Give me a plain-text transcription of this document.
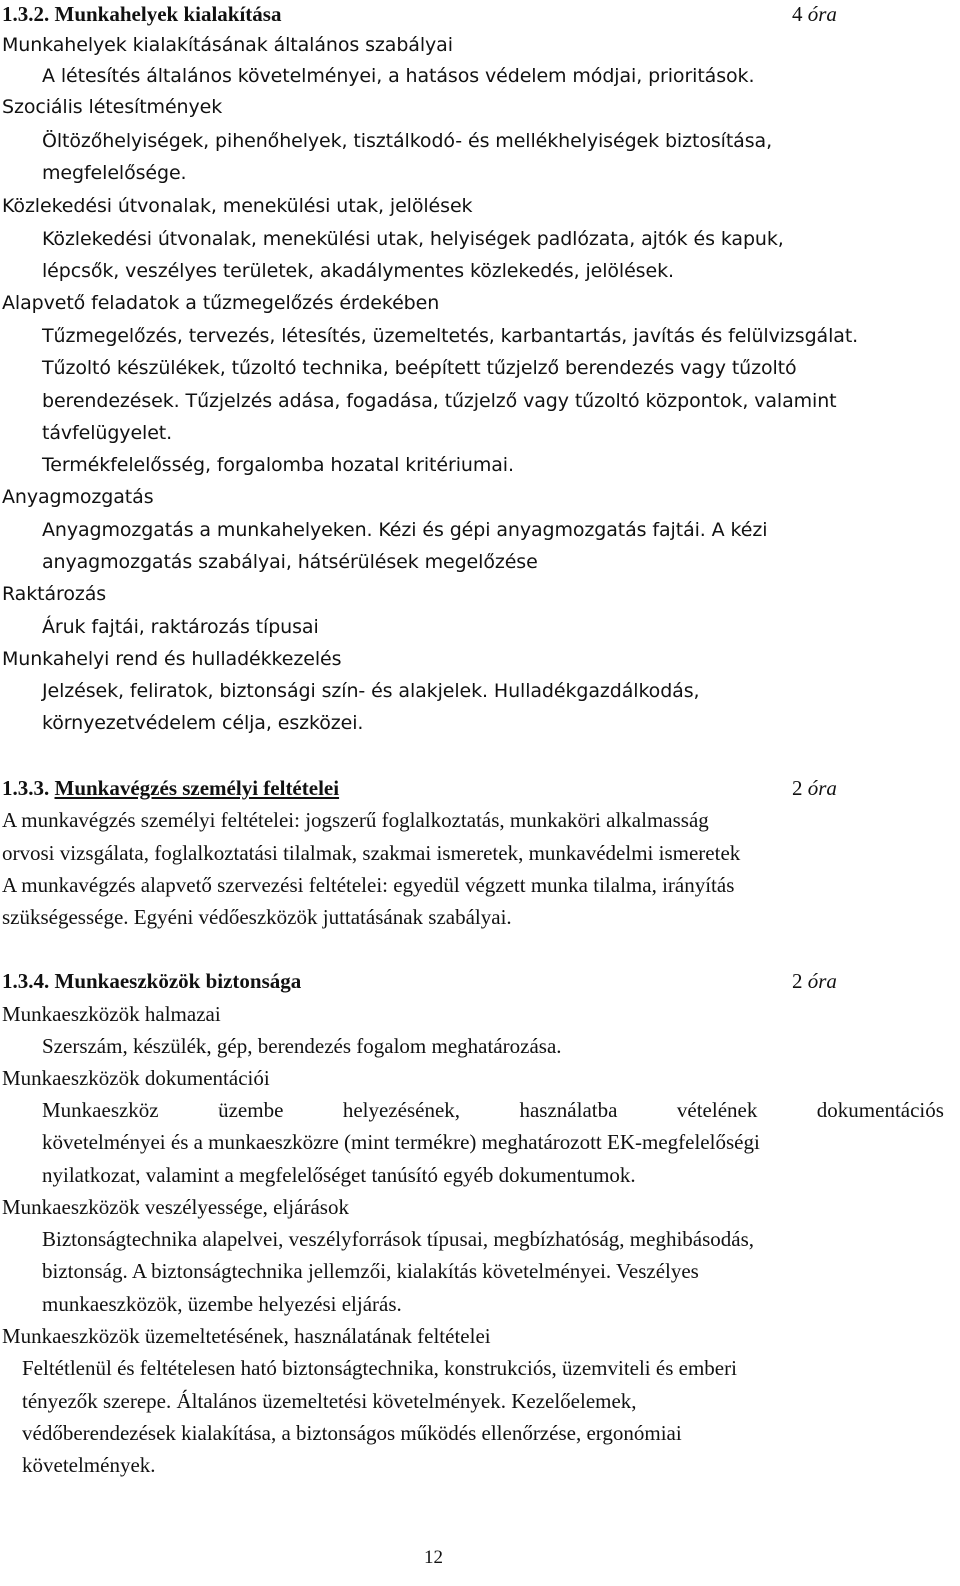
1.3.2. Munkahelyek kialakítása	4 óra
Munkahelyek kialakításának általános szabályai
A létesítés általános követelményei, a hatásos védelem módjai, prioritások.
Szociális létesítmények
Öltözőhelyiségek, pihenőhelyek, tisztálkodó- és mellékhelyiségek biztosítása,
megfelelősége.
Közlekedési útvonalak, menekülési utak, jelölések
Közlekedési útvonalak, menekülési utak, helyiségek padlózata, ajtók és kapuk,
lépcsők, veszélyes területek, akadálymentes közlekedés, jelölések.
Alapvető feladatok a tűzmegelőzés érdekében
Tűzmegelőzés, tervezés, létesítés, üzemeltetés, karbantartás, javítás és felülvizsgálat.
Tűzoltó készülékek, tűzoltó technika, beépített tűzjelző berendezés vagy tűzoltó
berendezések. Tűzjelzés adása, fogadása, tűzjelző vagy tűzoltó központok, valamint
távfelügyelet.
Termékfelelősség, forgalomba hozatal kritériumai.
Anyagmozgatás
Anyagmozgatás a munkahelyeken. Kézi és gépi anyagmozgatás fajtái. A kézi
anyagmozgatás szabályai, hátsérülések megelőzése
Raktározás
Áruk fajtái, raktározás típusai
Munkahelyi rend és hulladékkezelés
Jelzések, feliratok, biztonsági szín- és alakjelek. Hulladékgazdálkodás,
környezetvédelem célja, eszközei.
1.3.3. Munkavégzés személyi feltételei	2 óra
A munkavégzés személyi feltételei: jogszerű foglalkoztatás, munkaköri alkalmasság
orvosi vizsgálata, foglalkoztatási tilalmak, szakmai ismeretek, munkavédelmi ismeretek
A munkavégzés alapvető szervezési feltételei: egyedül végzett munka tilalma, irányítás
szükségessége. Egyéni védőeszközök juttatásának szabályai.
1.3.4. Munkaeszközök biztonsága	2 óra
Munkaeszközök halmazai
Szerszám, készülék, gép, berendezés fogalom meghatározása.
Munkaeszközök dokumentációi
Munkaeszköz	üzembe	helyezésének,	használatba	vételének	dokumentációs
követelményei és a munkaeszközre (mint termékre) meghatározott EK-megfelelőségi
nyilatkozat, valamint a megfelelőséget tanúsító egyéb dokumentumok.
Munkaeszközök veszélyessége, eljárások
Biztonságtechnika alapelvei, veszélyforrások típusai, megbízhatóság, meghibásodás,
biztonság. A biztonságtechnika jellemzői, kialakítás követelményei. Veszélyes
munkaeszközök, üzembe helyezési eljárás.
Munkaeszközök üzemeltetésének, használatának feltételei
Feltétlenül és feltételesen ható biztonságtechnika, konstrukciós, üzemviteli és emberi
tényezők szerepe. Általános üzemeltetési követelmények. Kezelőelemek,
védőberendezések kialakítása, a biztonságos működés ellenőrzése, ergonómiai
követelmények.
12
